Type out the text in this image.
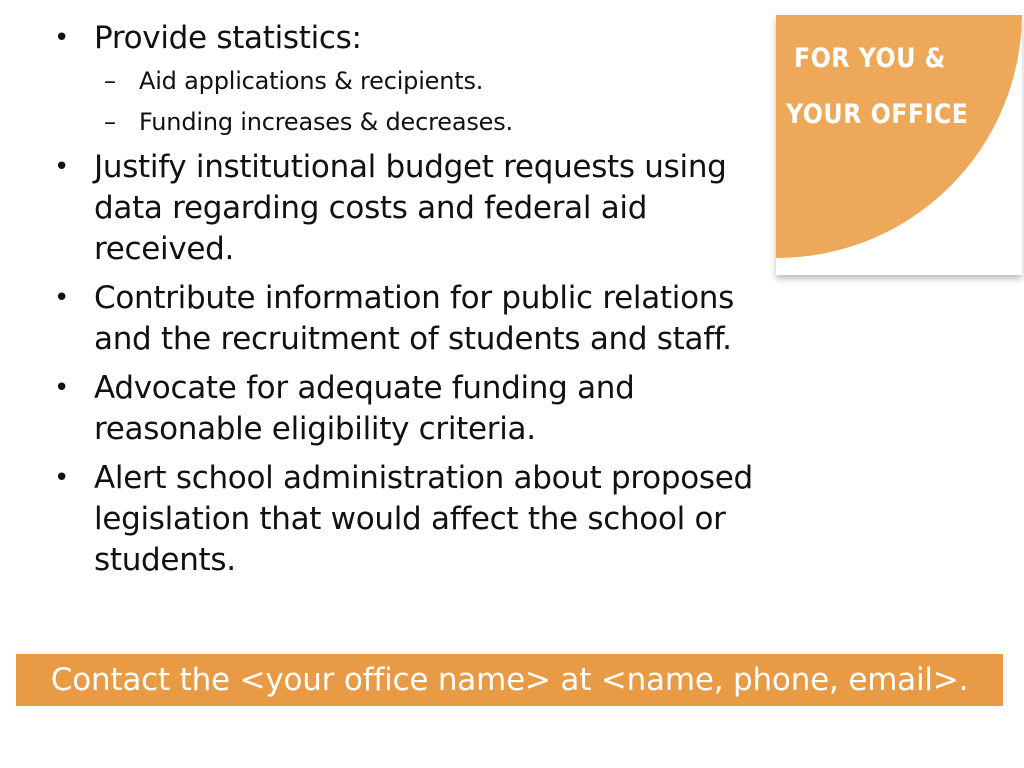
• Provide statistics:
– Aid applications & recipients.
– Funding increases & decreases.
• Justify institutional budget requests using data regarding costs and federal aid received.
• Contribute information for public relations and the recruitment of students and staff.
• Advocate for adequate funding and reasonable eligibility criteria.
• Alert school administration about proposed legislation that would affect the school or students.
FOR YOU &
YOUR OFFICE
Contact the <your office name> at <name, phone, email>.
